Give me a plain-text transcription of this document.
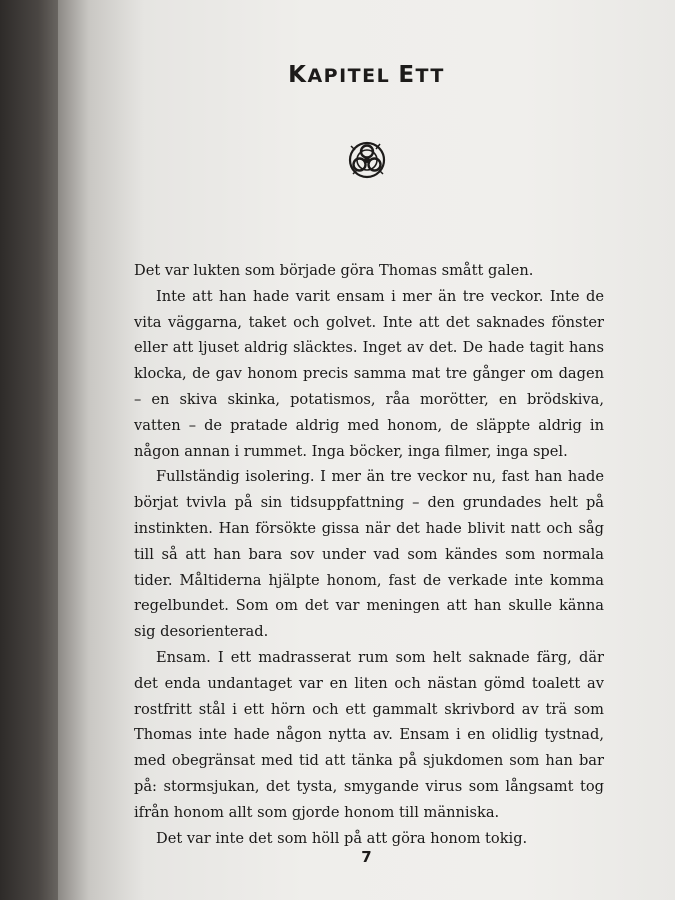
KAPITEL ETT

Det var lukten som började göra Thomas smått galen.

Inte att han hade varit ensam i mer än tre veckor. Inte de vita väggarna, taket och golvet. Inte att det saknades fönster eller att ljuset aldrig släcktes. Inget av det. De hade tagit hans klocka, de gav honom precis samma mat tre gånger om dagen – en skiva skinka, potatismos, råa morötter, en brödskiva, vatten – de pratade aldrig med honom, de släppte aldrig in någon annan i rummet. Inga böcker, inga filmer, inga spel.

Fullständig isolering. I mer än tre veckor nu, fast han hade börjat tvivla på sin tidsuppfattning – den grundades helt på instinkten. Han försökte gissa när det hade blivit natt och såg till så att han bara sov under vad som kändes som normala tider. Måltiderna hjälpte honom, fast de verkade inte komma regelbundet. Som om det var meningen att han skulle känna sig desorienterad.

Ensam. I ett madrasserat rum som helt saknade färg, där det enda undantaget var en liten och nästan gömd toalett av rostfritt stål i ett hörn och ett gammalt skrivbord av trä som Thomas inte hade någon nytta av. Ensam i en olidlig tystnad, med obegränsat med tid att tänka på sjukdomen som han bar på: stormsjukan, det tysta, smygande virus som långsamt tog ifrån honom allt som gjorde honom till människa.

Det var inte det som höll på att göra honom tokig.

7
